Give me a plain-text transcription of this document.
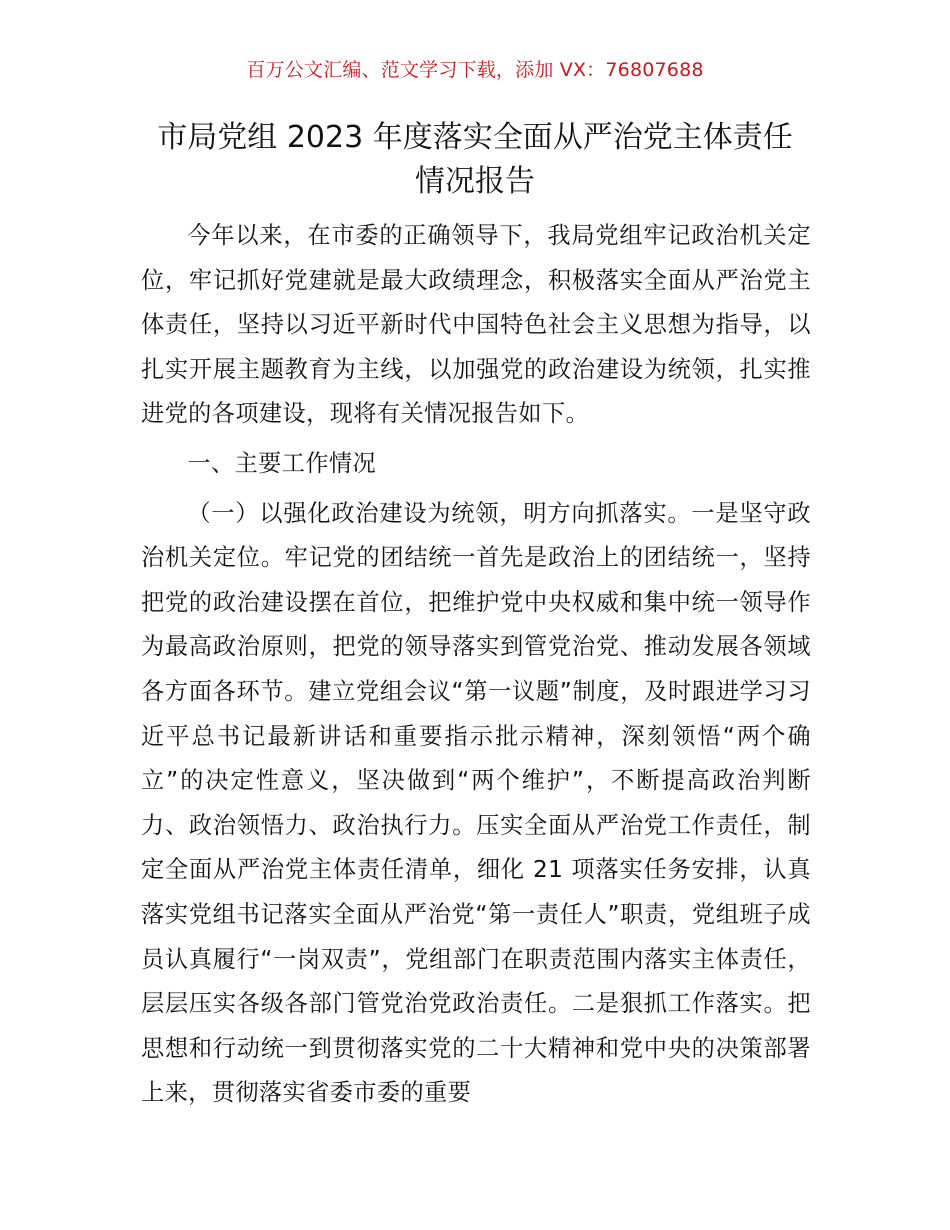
百万公文汇编、范文学习下载，添加 VX：76807688
市局党组 2023 年度落实全面从严治党主体责任
情况报告

今年以来，在市委的正确领导下，我局党组牢记政治机关定位，牢记抓好党建就是最大政绩理念，积极落实全面从严治党主体责任，坚持以习近平新时代中国特色社会主义思想为指导，以扎实开展主题教育为主线，以加强党的政治建设为统领，扎实推进党的各项建设，现将有关情况报告如下。

一、主要工作情况

（一）以强化政治建设为统领，明方向抓落实。一是坚守政治机关定位。牢记党的团结统一首先是政治上的团结统一，坚持把党的政治建设摆在首位，把维护党中央权威和集中统一领导作为最高政治原则，把党的领导落实到管党治党、推动发展各领域各方面各环节。建立党组会议“第一议题”制度，及时跟进学习习近平总书记最新讲话和重要指示批示精神，深刻领悟“两个确立”的决定性意义，坚决做到“两个维护”，不断提高政治判断力、政治领悟力、政治执行力。压实全面从严治党工作责任，制定全面从严治党主体责任清单，细化 21 项落实任务安排，认真落实党组书记落实全面从严治党“第一责任人”职责，党组班子成员认真履行“一岗双责”，党组部门在职责范围内落实主体责任，层层压实各级各部门管党治党政治责任。二是狠抓工作落实。把思想和行动统一到贯彻落实党的二十大精神和党中央的决策部署上来，贯彻落实省委市委的重要
